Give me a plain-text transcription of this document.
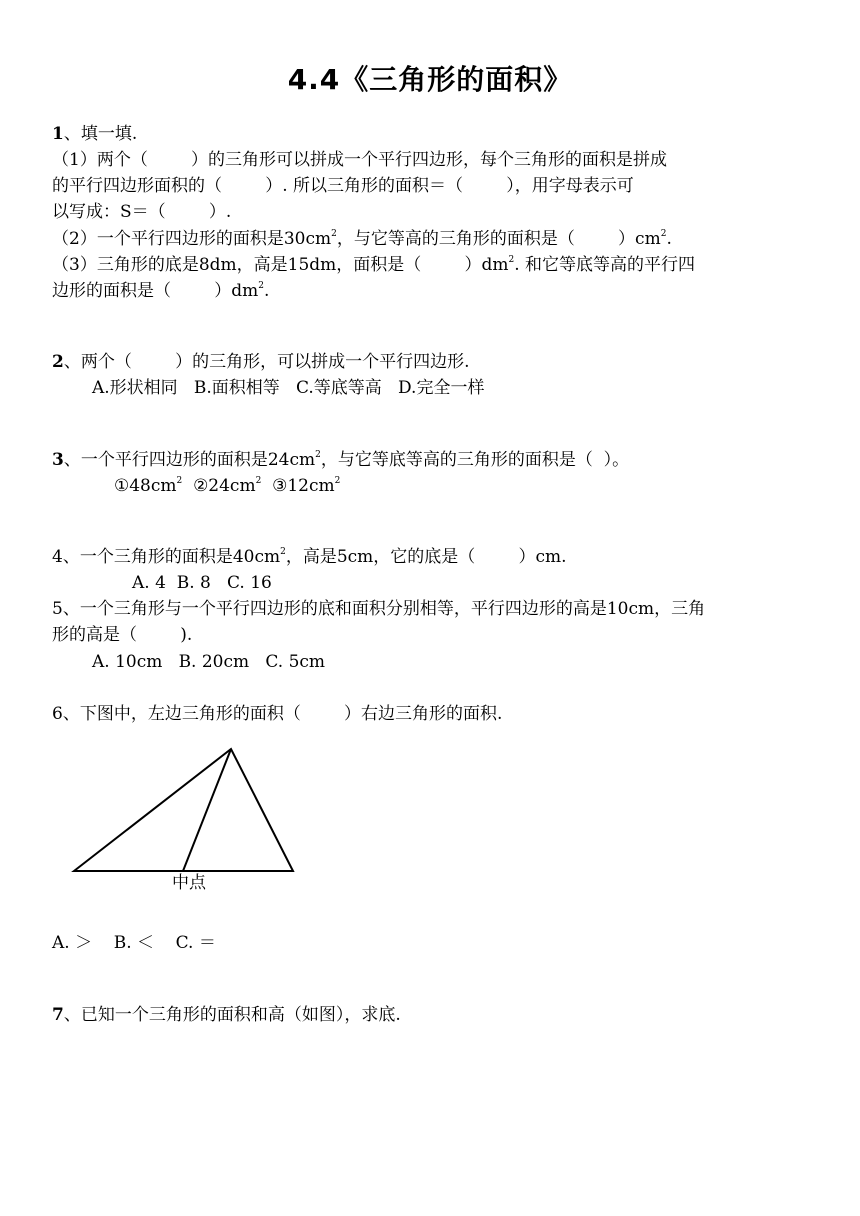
4.4《三角形的面积》
1、填一填.
（1）两个（        ）的三角形可以拼成一个平行四边形，每个三角形的面积是拼成
的平行四边形面积的（        ）. 所以三角形的面积＝（        ），用字母表示可
以写成：S＝（        ）.
（2）一个平行四边形的面积是$30cm^2$，与它等高的三角形的面积是（        ）$cm^2$.
（3）三角形的底是8dm，高是15dm，面积是（        ）$dm^2$. 和它等底等高的平行四
边形的面积是（        ）$dm^2$.
2、两个（        ）的三角形，可以拼成一个平行四边形.
A.形状相同   B.面积相等   C.等底等高   D.完全一样
3、一个平行四边形的面积是$24cm^2$，与它等底等高的三角形的面积是（  ）。
$①48cm^2$ $②24cm^2$ $③12cm^2$
4、一个三角形的面积是$40cm^2$，高是5cm，它的底是（        ）cm.
A. 4  B. 8   C. 16
5、一个三角形与一个平行四边形的底和面积分别相等，平行四边形的高是10cm，三角
形的高是（        ).
A. 10cm   B. 20cm   C. 5cm
6、下图中，左边三角形的面积（        ）右边三角形的面积.
中点
A. ＞    B. ＜    C. ＝
7、已知一个三角形的面积和高（如图），求底.
